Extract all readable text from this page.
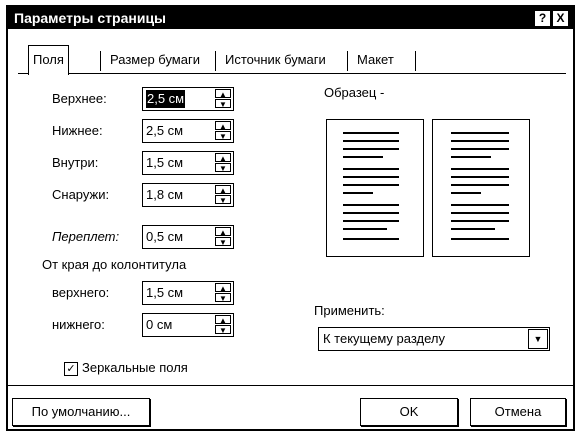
Параметры страницы	? X
Поля	Размер бумаги	Источник бумаги	Макет
Верхнее:	2,5 см	▲
▼
Нижнее:	2,5 см	▲
▼
Внутри:	1,5 см	▲
▼
Снаружи:	1,8 см	▲
▼
Переплет: 0,5 см	▲
▼
От края до колонтитула
верхнего:	1,5 см	▲
▼
нижнего:	0 см	▲
▼
✓ Зеркальные поля
Образец -
Применить:
К текущему разделу	▼
По умолчанию...	OK	Отмена
